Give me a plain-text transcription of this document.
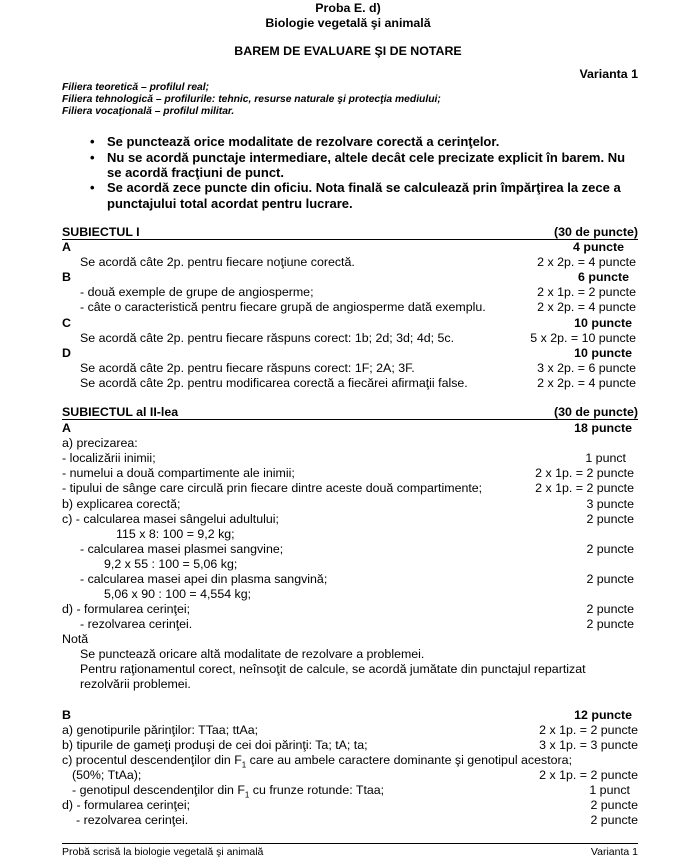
Proba E. d)
Biologie vegetală şi animală
BAREM DE EVALUARE ŞI DE NOTARE
Varianta 1
Filiera teoretică – profilul real;
Filiera tehnologică – profilurile: tehnic, resurse naturale şi protecţia mediului;
Filiera vocaţională – profilul militar.
• Se punctează orice modalitate de rezolvare corectă a cerinţelor.
• Nu se acordă punctaje intermediare, altele decât cele precizate explicit în barem. Nu
se acordă fracţiuni de punct.
• Se acordă zece puncte din oficiu. Nota finală se calculează prin împărţirea la zece a
punctajului total acordat pentru lucrare.
SUBIECTUL I	(30 de puncte)
A	4 puncte
Se acordă câte 2p. pentru fiecare noţiune corectă.	2 x 2p. = 4 puncte
B	6 puncte
- două exemple de grupe de angiosperme;	2 x 1p. = 2 puncte
- câte o caracteristică pentru fiecare grupă de angiosperme dată exemplu.	2 x 2p. = 4 puncte
C	10 puncte
Se acordă câte 2p. pentru fiecare răspuns corect: 1b; 2d; 3d; 4d; 5c.	5 x 2p. = 10 puncte
D	10 puncte
Se acordă câte 2p. pentru fiecare răspuns corect: 1F; 2A; 3F.	3 x 2p. = 6 puncte
Se acordă câte 2p. pentru modificarea corectă a fiecărei afirmaţii false.	2 x 2p. = 4 puncte
SUBIECTUL al II-lea	(30 de puncte)
A	18 puncte
a) precizarea:
- localizării inimii;	1 punct
- numelui a două compartimente ale inimii;	2 x 1p. = 2 puncte
- tipului de sânge care circulă prin fiecare dintre aceste două compartimente;	2 x 1p. = 2 puncte
b) explicarea corectă;	3 puncte
c) - calcularea masei sângelui adultului;	2 puncte
115 x 8: 100 = 9,2 kg;
- calcularea masei plasmei sangvine;	2 puncte
9,2 x 55 : 100 = 5,06 kg;
- calcularea masei apei din plasma sangvină;	2 puncte
5,06 x 90 : 100 = 4,554 kg;
d) - formularea cerinţei;	2 puncte
- rezolvarea cerinţei.	2 puncte
Notă
Se punctează oricare altă modalitate de rezolvare a problemei.
Pentru raţionamentul corect, neînsoţit de calcule, se acordă jumătate din punctajul repartizat
rezolvării problemei.
B	12 puncte
a) genotipurile părinţilor: TTaa; ttAa;	2 x 1p. = 2 puncte
b) tipurile de gameţi produşi de cei doi părinţi: Ta; tA; ta;	3 x 1p. = 3 puncte
c) procentul descendenţilor din $F_1$ care au ambele caractere dominante şi genotipul acestora;
(50%; TtAa);	2 x 1p. = 2 puncte
- genotipul descendenţilor din $F_1$ cu frunze rotunde: Ttaa;	1 punct
d) - formularea cerinţei;	2 puncte
- rezolvarea cerinţei.	2 puncte
Probă scrisă la biologie vegetală şi animală	Varianta 1
